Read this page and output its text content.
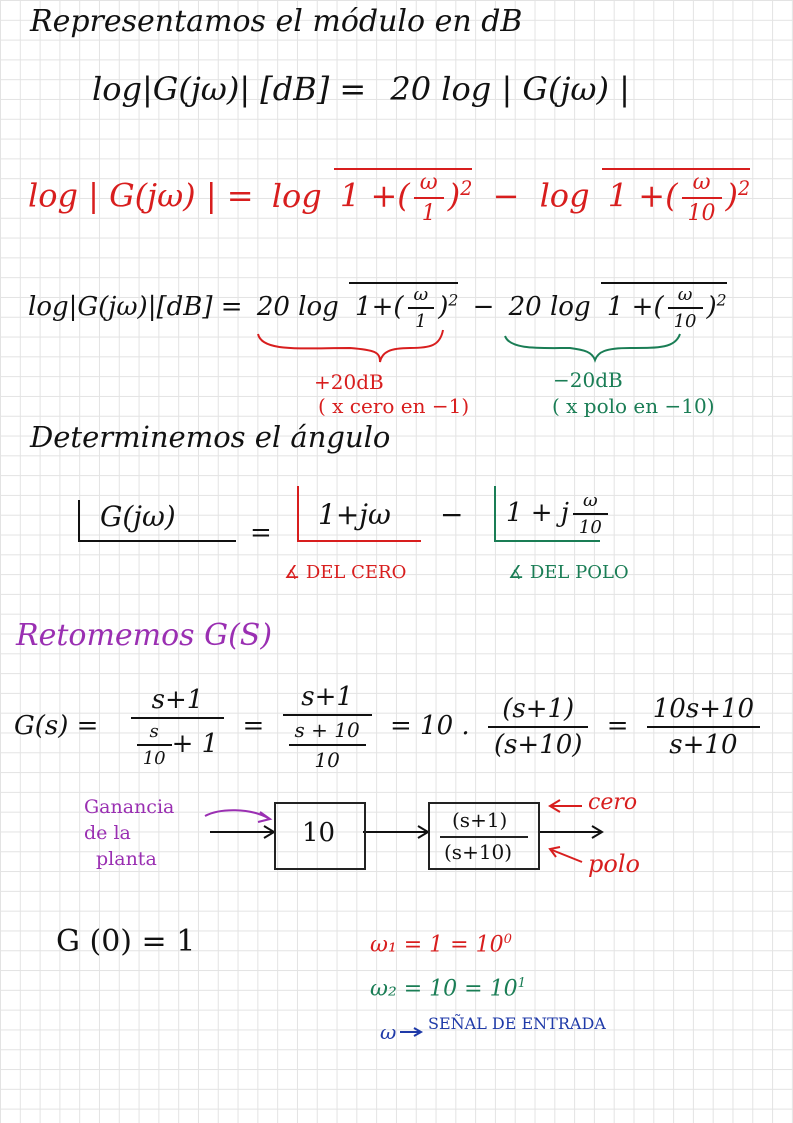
Representamos el módulo en dB
log|G(jω)| [dB] = 20 log | G(jω) |
log | G(jω) | = log 1 +( $\frac{\omega}{1} )^2 - \log 1$ +( $\frac{\omega}{10} )^2$
log|G(jω)|[dB] = 20 $\log 1+( \frac{\omega}{1} )^2 - 20$ log 1 +( $\frac{\omega}{10} )^2$
+20dB
( x cero en −1)
−20dB
( x polo en −10)
Determinemos el ángulo
G(jω)	=
1+jω − 1 + j $\frac{\omega}{10}$
∡ DEL CERO	∡ DEL POLO
Retomemos G(S)
$G(s) = \frac{s+1}{\frac{s}{10} + 1} = \frac{s+1}{\frac{s + 10}{10}} = 10$ . $\frac{(s+1)}{(s+10)} = \frac{10s+10}{s+10}$
Ganancia
de la
planta
10	(s+1)
(s+10)
cero
polo
G (0) = 1	$\omega_1 = 1 = 10^0$
$\omega_2 = 10 = 10^1$
ω SEÑAL DE ENTRADA
